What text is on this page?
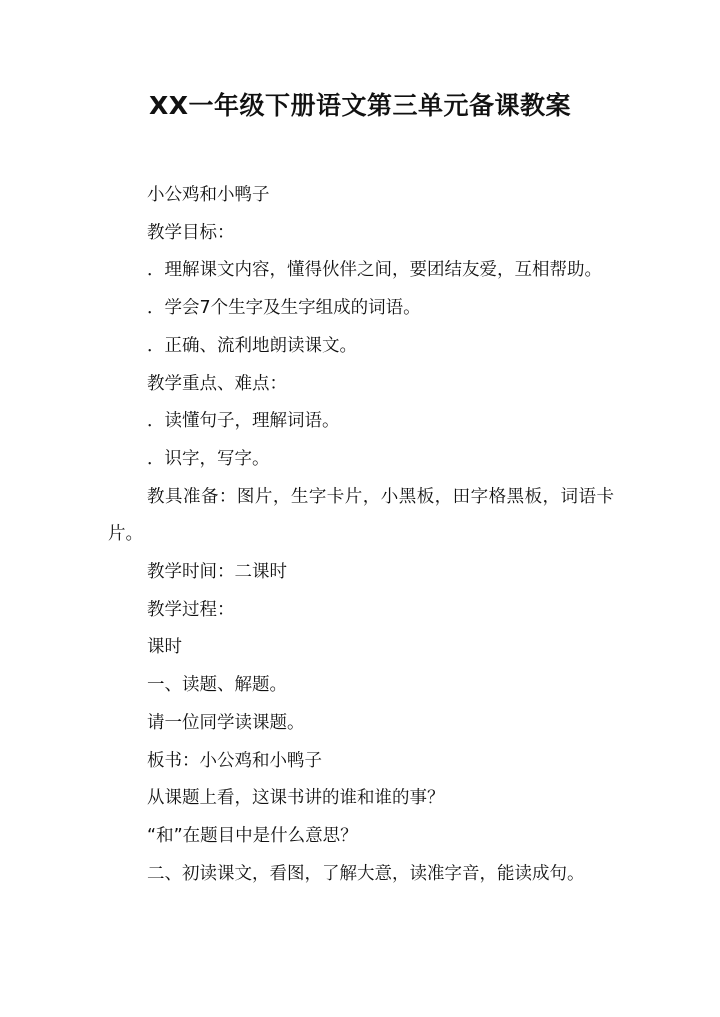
XX一年级下册语文第三单元备课教案

小公鸡和小鸭子

教学目标：

．理解课文内容，懂得伙伴之间，要团结友爱，互相帮助。

．学会7个生字及生字组成的词语。

．正确、流利地朗读课文。

教学重点、难点：

．读懂句子，理解词语。

．识字，写字。

教具准备：图片，生字卡片，小黑板，田字格黑板，词语卡片。

教学时间：二课时

教学过程：

课时

一、读题、解题。

请一位同学读课题。

板书：小公鸡和小鸭子

从课题上看，这课书讲的谁和谁的事？

“和”在题目中是什么意思？

二、初读课文，看图，了解大意，读准字音，能读成句。
